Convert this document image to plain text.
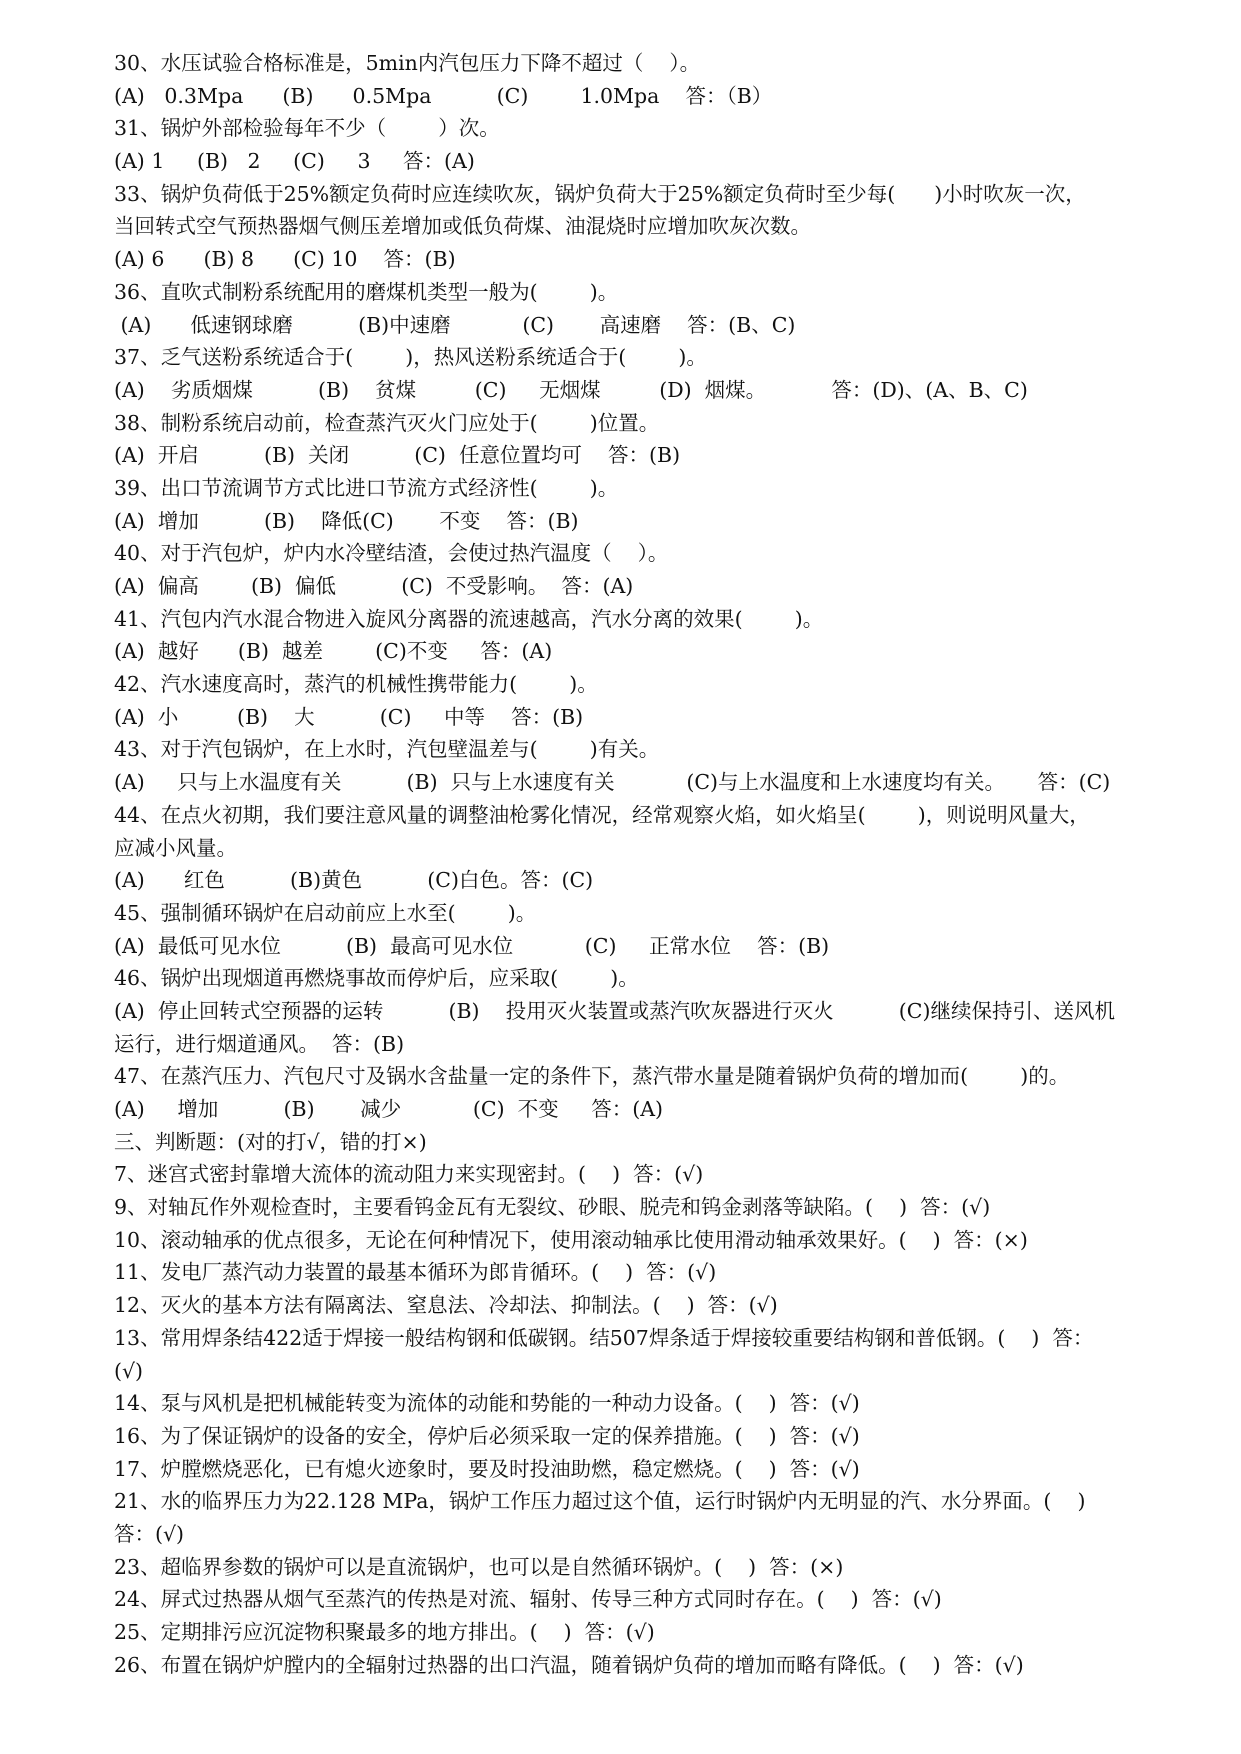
30、水压试验合格标准是，5min内汽包压力下降不超过（    ）。
(A)   0.3Mpa      (B)      0.5Mpa          (C)        1.0Mpa    答：（B）
31、锅炉外部检验每年不少（        ）次。
(A) 1     (B)   2     (C)     3     答：(A)
33、锅炉负荷低于25%额定负荷时应连续吹灰，锅炉负荷大于25%额定负荷时至少每(      )小时吹灰一次，
当回转式空气预热器烟气侧压差增加或低负荷煤、油混烧时应增加吹灰次数。
(A) 6      (B) 8      (C) 10    答：(B)
36、直吹式制粉系统配用的磨煤机类型一般为(        )。
(A)      低速钢球磨          (B)中速磨           (C)       高速磨    答：(B、C)
37、乏气送粉系统适合于(        )，热风送粉系统适合于(        )。
(A)    劣质烟煤          (B)    贫煤         (C)     无烟煤         (D)  烟煤。          答：(D)、(A、B、C)
38、制粉系统启动前，检查蒸汽灭火门应处于(        )位置。
(A)  开启          (B)  关闭          (C)  任意位置均可    答：(B)
39、出口节流调节方式比进口节流方式经济性(        )。
(A)  增加          (B)    降低(C)       不变    答：(B)
40、对于汽包炉，炉内水冷壁结渣，会使过热汽温度（    ）。
(A)  偏高        (B)  偏低          (C)  不受影响。  答：(A)
41、汽包内汽水混合物进入旋风分离器的流速越高，汽水分离的效果(        )。
(A)  越好      (B)  越差        (C)不变     答：(A)
42、汽水速度高时，蒸汽的机械性携带能力(        )。
(A)  小         (B)    大          (C)     中等    答：(B)
43、对于汽包锅炉，在上水时，汽包壁温差与(        )有关。
(A)     只与上水温度有关          (B)  只与上水速度有关           (C)与上水温度和上水速度均有关。     答：(C)
44、在点火初期，我们要注意风量的调整油枪雾化情况，经常观察火焰，如火焰呈(        )，则说明风量大，
应减小风量。
(A)      红色          (B)黄色          (C)白色。答：(C)
45、强制循环锅炉在启动前应上水至(        )。
(A)  最低可见水位          (B)  最高可见水位           (C)     正常水位    答：(B)
46、锅炉出现烟道再燃烧事故而停炉后，应采取(        )。
(A)  停止回转式空预器的运转          (B)    投用灭火装置或蒸汽吹灰器进行灭火          (C)继续保持引、送风机
运行，进行烟道通风。  答：(B)
47、在蒸汽压力、汽包尺寸及锅水含盐量一定的条件下，蒸汽带水量是随着锅炉负荷的增加而(        )的。
(A)     增加          (B)       减少           (C)  不变     答：(A)
三、判断题：(对的打√，错的打×)
7、迷宫式密封靠增大流体的流动阻力来实现密封。(    )  答：(√)
9、对轴瓦作外观检查时，主要看钨金瓦有无裂纹、砂眼、脱壳和钨金剥落等缺陷。(    )  答：(√)
10、滚动轴承的优点很多，无论在何种情况下，使用滚动轴承比使用滑动轴承效果好。(    )  答：(×)
11、发电厂蒸汽动力装置的最基本循环为郎肯循环。(    )  答：(√)
12、灭火的基本方法有隔离法、窒息法、冷却法、抑制法。(    )  答：(√)
13、常用焊条结422适于焊接一般结构钢和低碳钢。结507焊条适于焊接较重要结构钢和普低钢。(    )  答：
(√)
14、泵与风机是把机械能转变为流体的动能和势能的一种动力设备。(    )  答：(√)
16、为了保证锅炉的设备的安全，停炉后必须采取一定的保养措施。(    )  答：(√)
17、炉膛燃烧恶化，已有熄火迹象时，要及时投油助燃，稳定燃烧。(    )  答：(√)
21、水的临界压力为22.128 MPa，锅炉工作压力超过这个值，运行时锅炉内无明显的汽、水分界面。(    )
答：(√)
23、超临界参数的锅炉可以是直流锅炉，也可以是自然循环锅炉。(    )  答：(×)
24、屏式过热器从烟气至蒸汽的传热是对流、辐射、传导三种方式同时存在。(    )  答：(√)
25、定期排污应沉淀物积聚最多的地方排出。(    )  答：(√)
26、布置在锅炉炉膛内的全辐射过热器的出口汽温，随着锅炉负荷的增加而略有降低。(    )  答：(√)
